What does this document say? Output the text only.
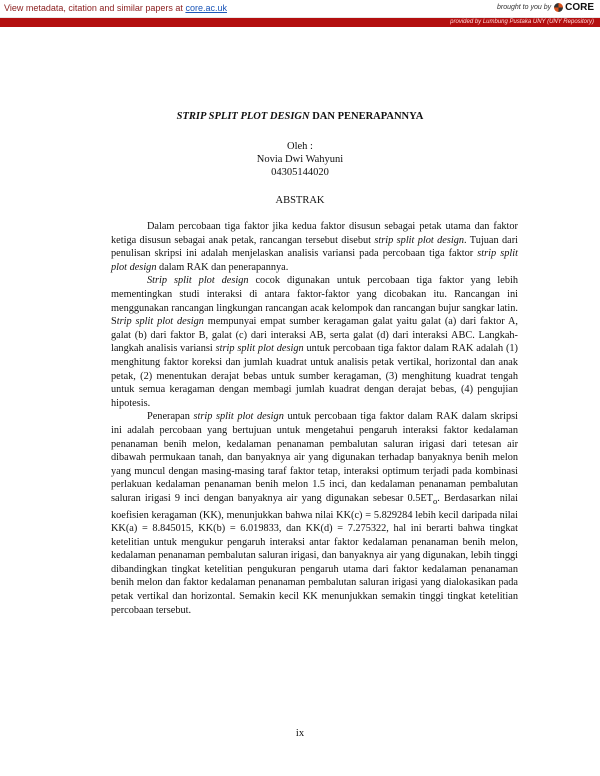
View metadata, citation and similar papers at core.ac.uk	brought to you by CORE
provided by Lumbung Pustaka UNY (UNY Repository)
STRIP SPLIT PLOT DESIGN DAN PENERAPANNYA
Oleh :
Novia Dwi Wahyuni
04305144020
ABSTRAK

Dalam percobaan tiga faktor jika kedua faktor disusun sebagai petak utama dan faktor ketiga disusun sebagai anak petak, rancangan tersebut disebut strip split plot design. Tujuan dari penulisan skripsi ini adalah menjelaskan analisis variansi pada percobaan tiga faktor strip split plot design dalam RAK dan penerapannya.

Strip split plot design cocok digunakan untuk percobaan tiga faktor yang lebih mementingkan studi interaksi di antara faktor-faktor yang dicobakan itu. Rancangan ini menggunakan rancangan lingkungan rancangan acak kelompok dan rancangan bujur sangkar latin. Strip split plot design mempunyai empat sumber keragaman galat yaitu galat (a) dari faktor A, galat (b) dari faktor B, galat (c) dari interaksi AB, serta galat (d) dari interaksi ABC. Langkah-langkah analisis variansi strip split plot design untuk percobaan tiga faktor dalam RAK adalah (1) menghitung faktor koreksi dan jumlah kuadrat untuk analisis petak vertikal, horizontal dan anak petak, (2) menentukan derajat bebas untuk sumber keragaman, (3) menghitung kuadrat tengah untuk semua keragaman dengan membagi jumlah kuadrat dengan derajat bebas, (4) pengujian hipotesis.

Penerapan strip split plot design untuk percobaan tiga faktor dalam RAK dalam skripsi ini adalah percobaan yang bertujuan untuk mengetahui pengaruh interaksi faktor kedalaman penanaman benih melon, kedalaman penanaman pembalutan saluran irigasi dari tetesan air dibawah permukaan tanah, dan banyaknya air yang digunakan terhadap banyaknya benih melon yang muncul dengan masing-masing taraf faktor tetap, interaksi optimum terjadi pada kombinasi perlakuan kedalaman penanaman benih melon 1.5 inci, dan kedalaman penanaman pembalutan saluran irigasi 9 inci dengan banyaknya air yang digunakan sebesar $0.5ET_o$. Berdasarkan nilai koefisien keragaman (KK), menunjukkan bahwa nilai KK(c) = 5.829284 lebih kecil daripada nilai KK(a) = 8.845015, KK(b) = 6.019833, dan KK(d) = 7.275322, hal ini berarti bahwa tingkat ketelitian untuk mengukur pengaruh interaksi antar faktor kedalaman penanaman benih melon, kedalaman penanaman pembalutan saluran irigasi, dan banyaknya air yang digunakan, lebih tinggi dibandingkan tingkat ketelitian pengukuran pengaruh utama dari faktor kedalaman penanaman benih melon dan faktor kedalaman penanaman pembalutan saluran irigasi yang dialokasikan pada petak vertikal dan horizontal. Semakin kecil KK menunjukkan semakin tinggi tingkat ketelitian percobaan tersebut.

ix
